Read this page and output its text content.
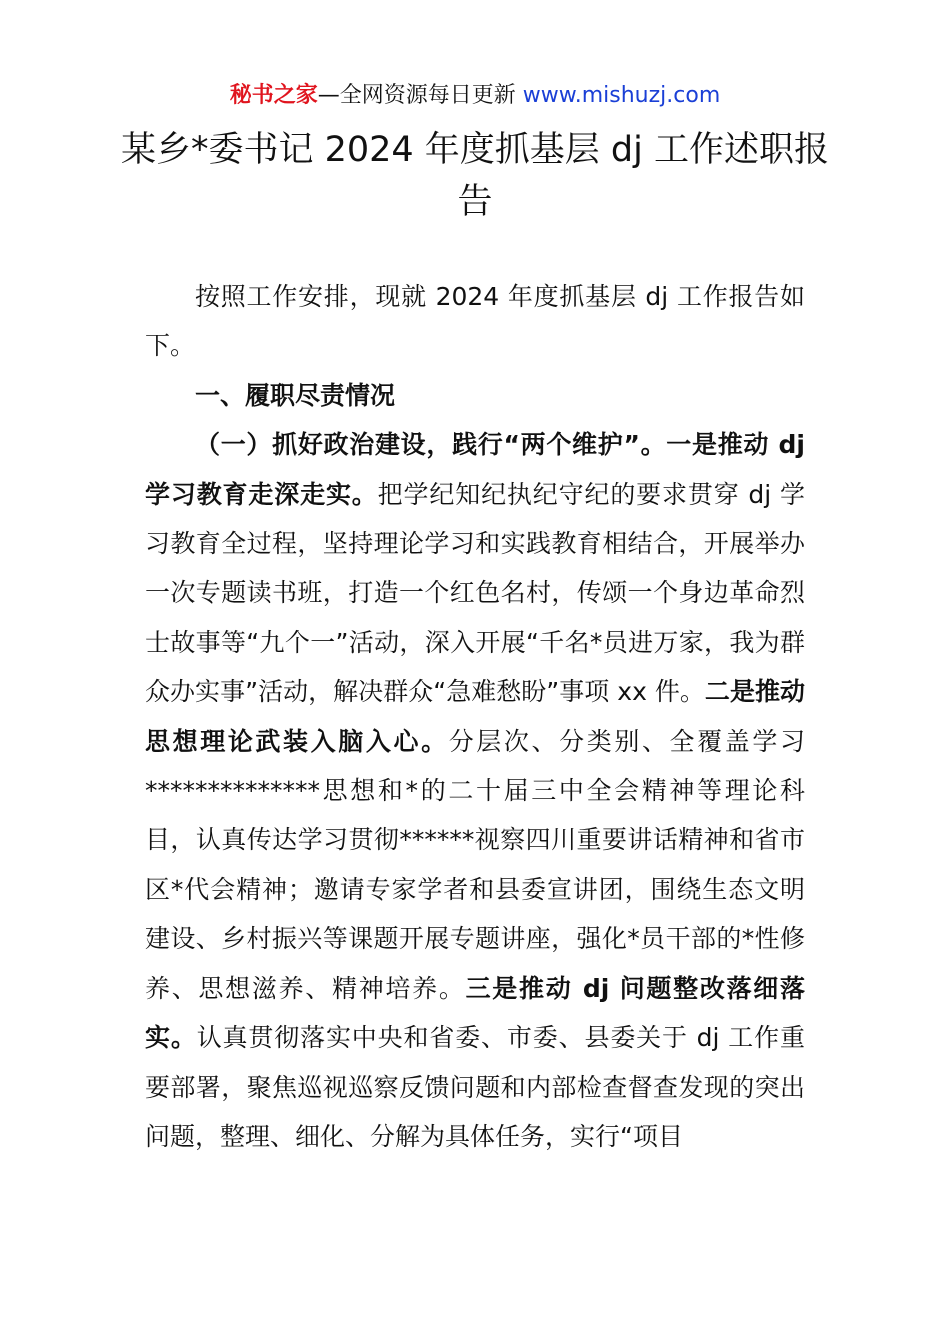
秘书之家—全网资源每日更新 www.mishuzj.com
某乡*委书记 2024 年度抓基层 dj 工作述职报告

按照工作安排，现就 2024 年度抓基层 dj 工作报告如下。

一、履职尽责情况

（一）抓好政治建设，践行“两个维护”。一是推动 dj 学习教育走深走实。把学纪知纪执纪守纪的要求贯穿 dj 学习教育全过程，坚持理论学习和实践教育相结合，开展举办一次专题读书班，打造一个红色名村，传颂一个身边革命烈士故事等“九个一”活动，深入开展“千名*员进万家，我为群众办实事”活动，解决群众“急难愁盼”事项 xx 件。二是推动思想理论武装入脑入心。分层次、分类别、全覆盖学习**************思想和*的二十届三中全会精神等理论科目，认真传达学习贯彻******视察四川重要讲话精神和省市区*代会精神；邀请专家学者和县委宣讲团，围绕生态文明建设、乡村振兴等课题开展专题讲座，强化*员干部的*性修养、思想滋养、精神培养。三是推动 dj 问题整改落细落实。认真贯彻落实中央和省委、市委、县委关于 dj 工作重要部署，聚焦巡视巡察反馈问题和内部检查督查发现的突出问题，整理、细化、分解为具体任务，实行“项目
